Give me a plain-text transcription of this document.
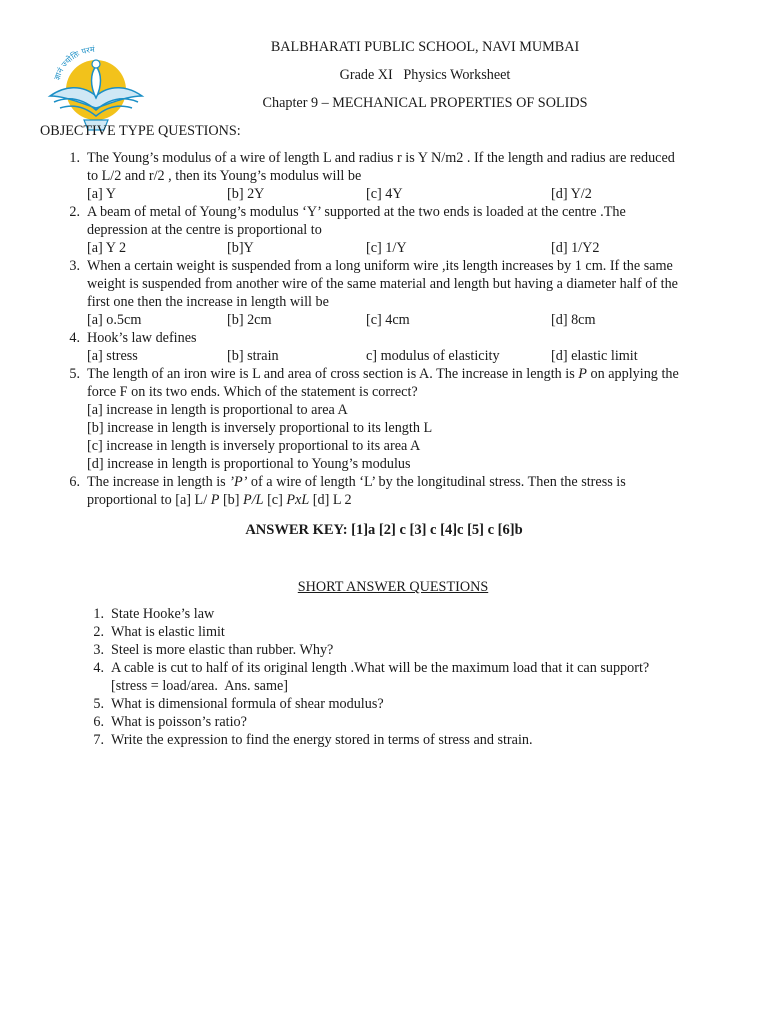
ज्ञानं ज्योतिः परमं	BALBHARATI PUBLIC SCHOOL, NAVI MUMBAI
Grade XI   Physics Worksheet
Chapter 9 – MECHANICAL PROPERTIES OF SOLIDS
OBJECTIVE TYPE QUESTIONS:
1. The Young’s modulus of a wire of length L and radius r is Y N/m2 . If the length and radius are reduced
to L/2 and r/2 , then its Young’s modulus will be
[a] Y	[b] 2Y	[c] 4Y	[d] Y/2
2. A beam of metal of Young’s modulus ‘Y’ supported at the two ends is loaded at the centre .The
depression at the centre is proportional to
[a] Y 2	[b]Y	[c] 1/Y	[d] 1/Y2
3. When a certain weight is suspended from a long uniform wire ,its length increases by 1 cm. If the same
weight is suspended from another wire of the same material and length but having a diameter half of the
first one then the increase in length will be
[a] o.5cm	[b] 2cm	[c] 4cm	[d] 8cm
4. Hook’s law defines
[a] stress	[b] strain	c] modulus of elasticity	[d] elastic limit
5. The length of an iron wire is L and area of cross section is A. The increase in length is P on applying the
force F on its two ends. Which of the statement is correct?
[a] increase in length is proportional to area A
[b] increase in length is inversely proportional to its length L
[c] increase in length is inversely proportional to its area A
[d] increase in length is proportional to Young’s modulus
6. The increase in length is ’P’ of a wire of length ‘L’ by the longitudinal stress. Then the stress is
proportional to [a] L/ P [b] P/L [c] PxL [d] L 2
ANSWER KEY: [1]a [2] c [3] c [4]c [5] c [6]b
SHORT ANSWER QUESTIONS
1. State Hooke’s law
2. What is elastic limit
3. Steel is more elastic than rubber. Why?
4. A cable is cut to half of its original length .What will be the maximum load that it can support?
[stress = load/area.  Ans. same]
5. What is dimensional formula of shear modulus?
6. What is poisson’s ratio?
7. Write the expression to find the energy stored in terms of stress and strain.
